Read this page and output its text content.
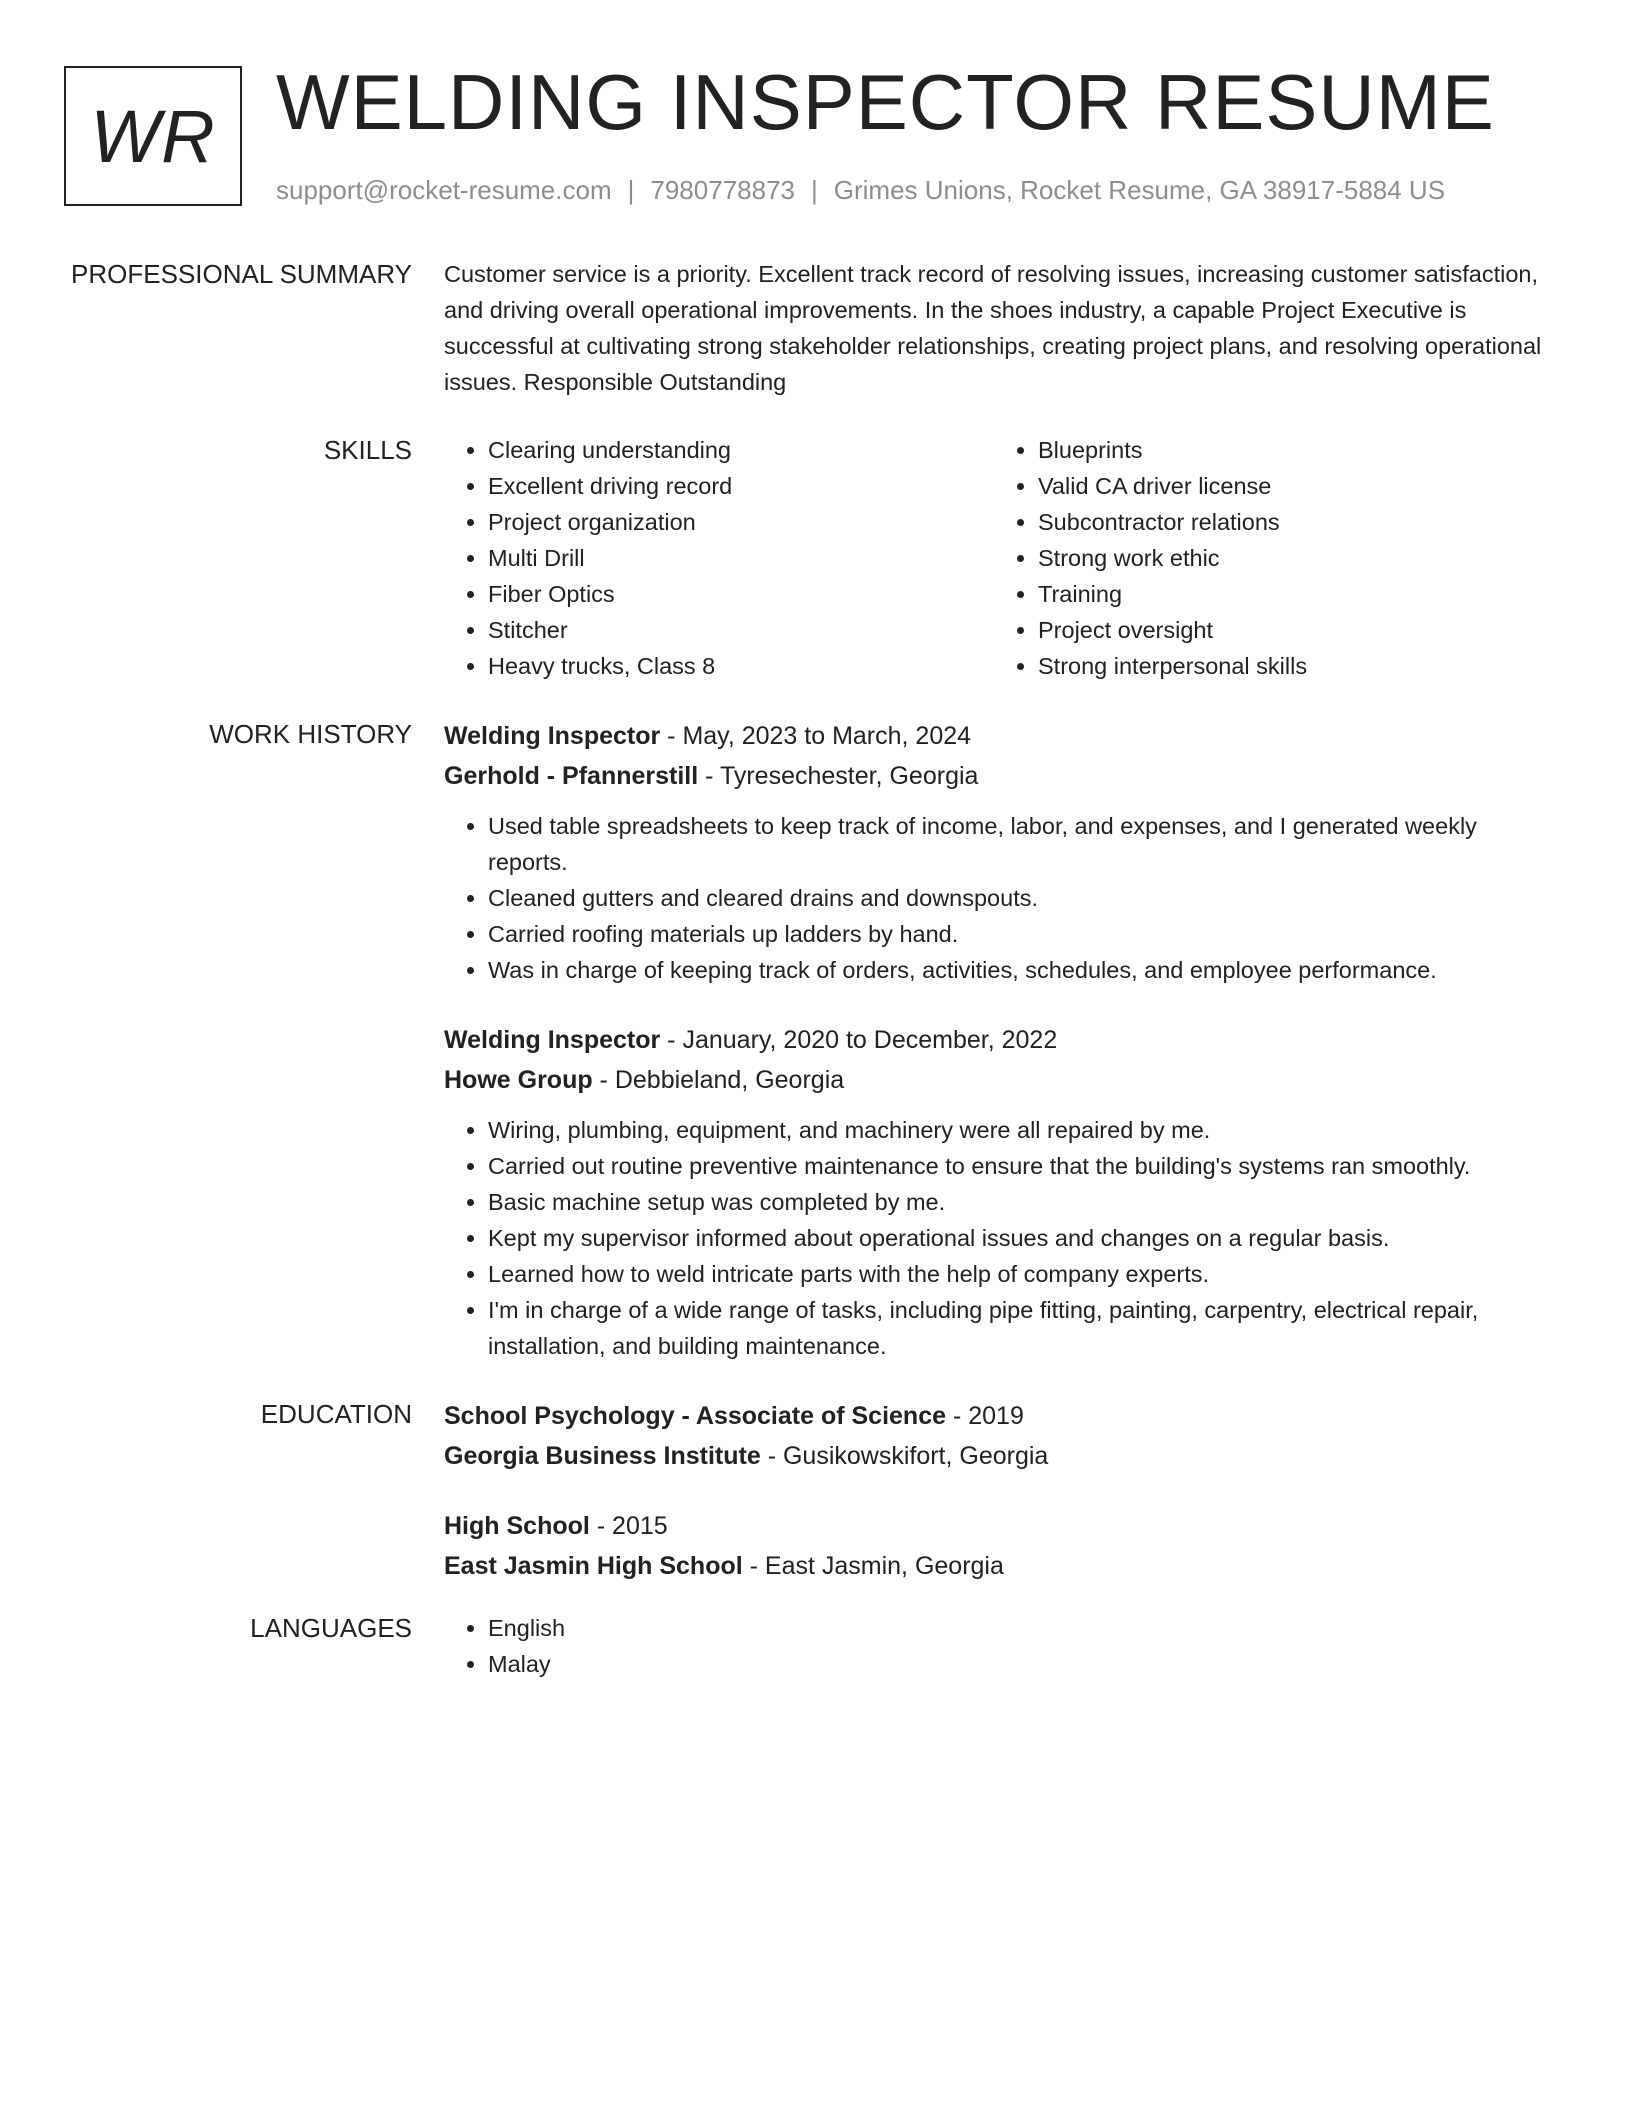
WR WELDING INSPECTOR RESUME
support@rocket-resume.com | 7980778873 | Grimes Unions, Rocket Resume, GA 38917-5884 US
PROFESSIONAL SUMMARY Customer service is a priority. Excellent track record of resolving issues, increasing customer satisfaction, and driving overall operational improvements. In the shoes industry, a capable Project Executive is successful at cultivating strong stakeholder relationships, creating project plans, and resolving operational issues. Responsible Outstanding

SKILLS	• Clearing understanding
• Excellent driving record
• Project organization
• Multi Drill
• Fiber Optics
• Stitcher
• Heavy trucks, Class 8
• Blueprints
• Valid CA driver license
• Subcontractor relations
• Strong work ethic
• Training
• Project oversight
• Strong interpersonal skills
WORK HISTORY Welding Inspector - May, 2023 to March, 2024
Gerhold - Pfannerstill - Tyresechester, Georgia
• Used table spreadsheets to keep track of income, labor, and expenses, and I generated weekly reports.
• Cleaned gutters and cleared drains and downspouts.
• Carried roofing materials up ladders by hand.
• Was in charge of keeping track of orders, activities, schedules, and employee performance.
Welding Inspector - January, 2020 to December, 2022
Howe Group - Debbieland, Georgia
• Wiring, plumbing, equipment, and machinery were all repaired by me.
• Carried out routine preventive maintenance to ensure that the building's systems ran smoothly.
• Basic machine setup was completed by me.
• Kept my supervisor informed about operational issues and changes on a regular basis.
• Learned how to weld intricate parts with the help of company experts.
• I'm in charge of a wide range of tasks, including pipe fitting, painting, carpentry, electrical repair, installation, and building maintenance.
EDUCATION School Psychology - Associate of Science - 2019
Georgia Business Institute - Gusikowskifort, Georgia
High School - 2015
East Jasmin High School - East Jasmin, Georgia
LANGUAGES	• English
• Malay
